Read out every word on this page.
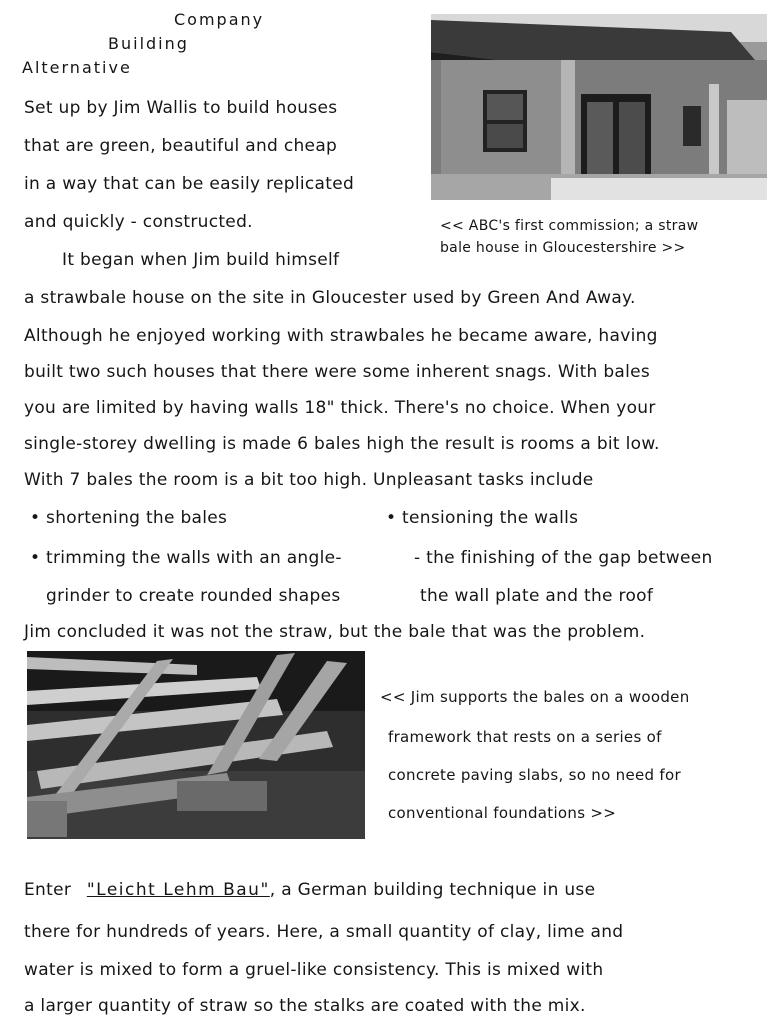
Company
Building
Alternative
Set up by Jim Wallis to build houses
that are green, beautiful and cheap
in a way that can be easily replicated
and quickly - constructed.
It began when Jim build himself
<< ABC's first commission; a straw
bale house in Gloucestershire >>
a strawbale house on the site in Gloucester used by Green And Away.
Although he enjoyed working with strawbales he became aware, having
built two such houses that there were some inherent snags. With bales
you are limited by having walls 18" thick. There's no choice. When your
single-storey dwelling is made 6 bales high the result is rooms a bit low.
With 7 bales the room is a bit too high. Unpleasant tasks include
• shortening the bales
• trimming the walls with an angle-
grinder to create rounded shapes
• tensioning the walls
- the finishing of the gap between
the wall plate and the roof
Jim concluded it was not the straw, but the bale that was the problem.
<< Jim supports the bales on a wooden
framework that rests on a series of
concrete paving slabs, so no need for
conventional foundations >>
Enter "Leicht Lehm Bau", a German building technique in use
there for hundreds of years. Here, a small quantity of clay, lime and
water is mixed to form a gruel-like consistency. This is mixed with
a larger quantity of straw so the stalks are coated with the mix.
